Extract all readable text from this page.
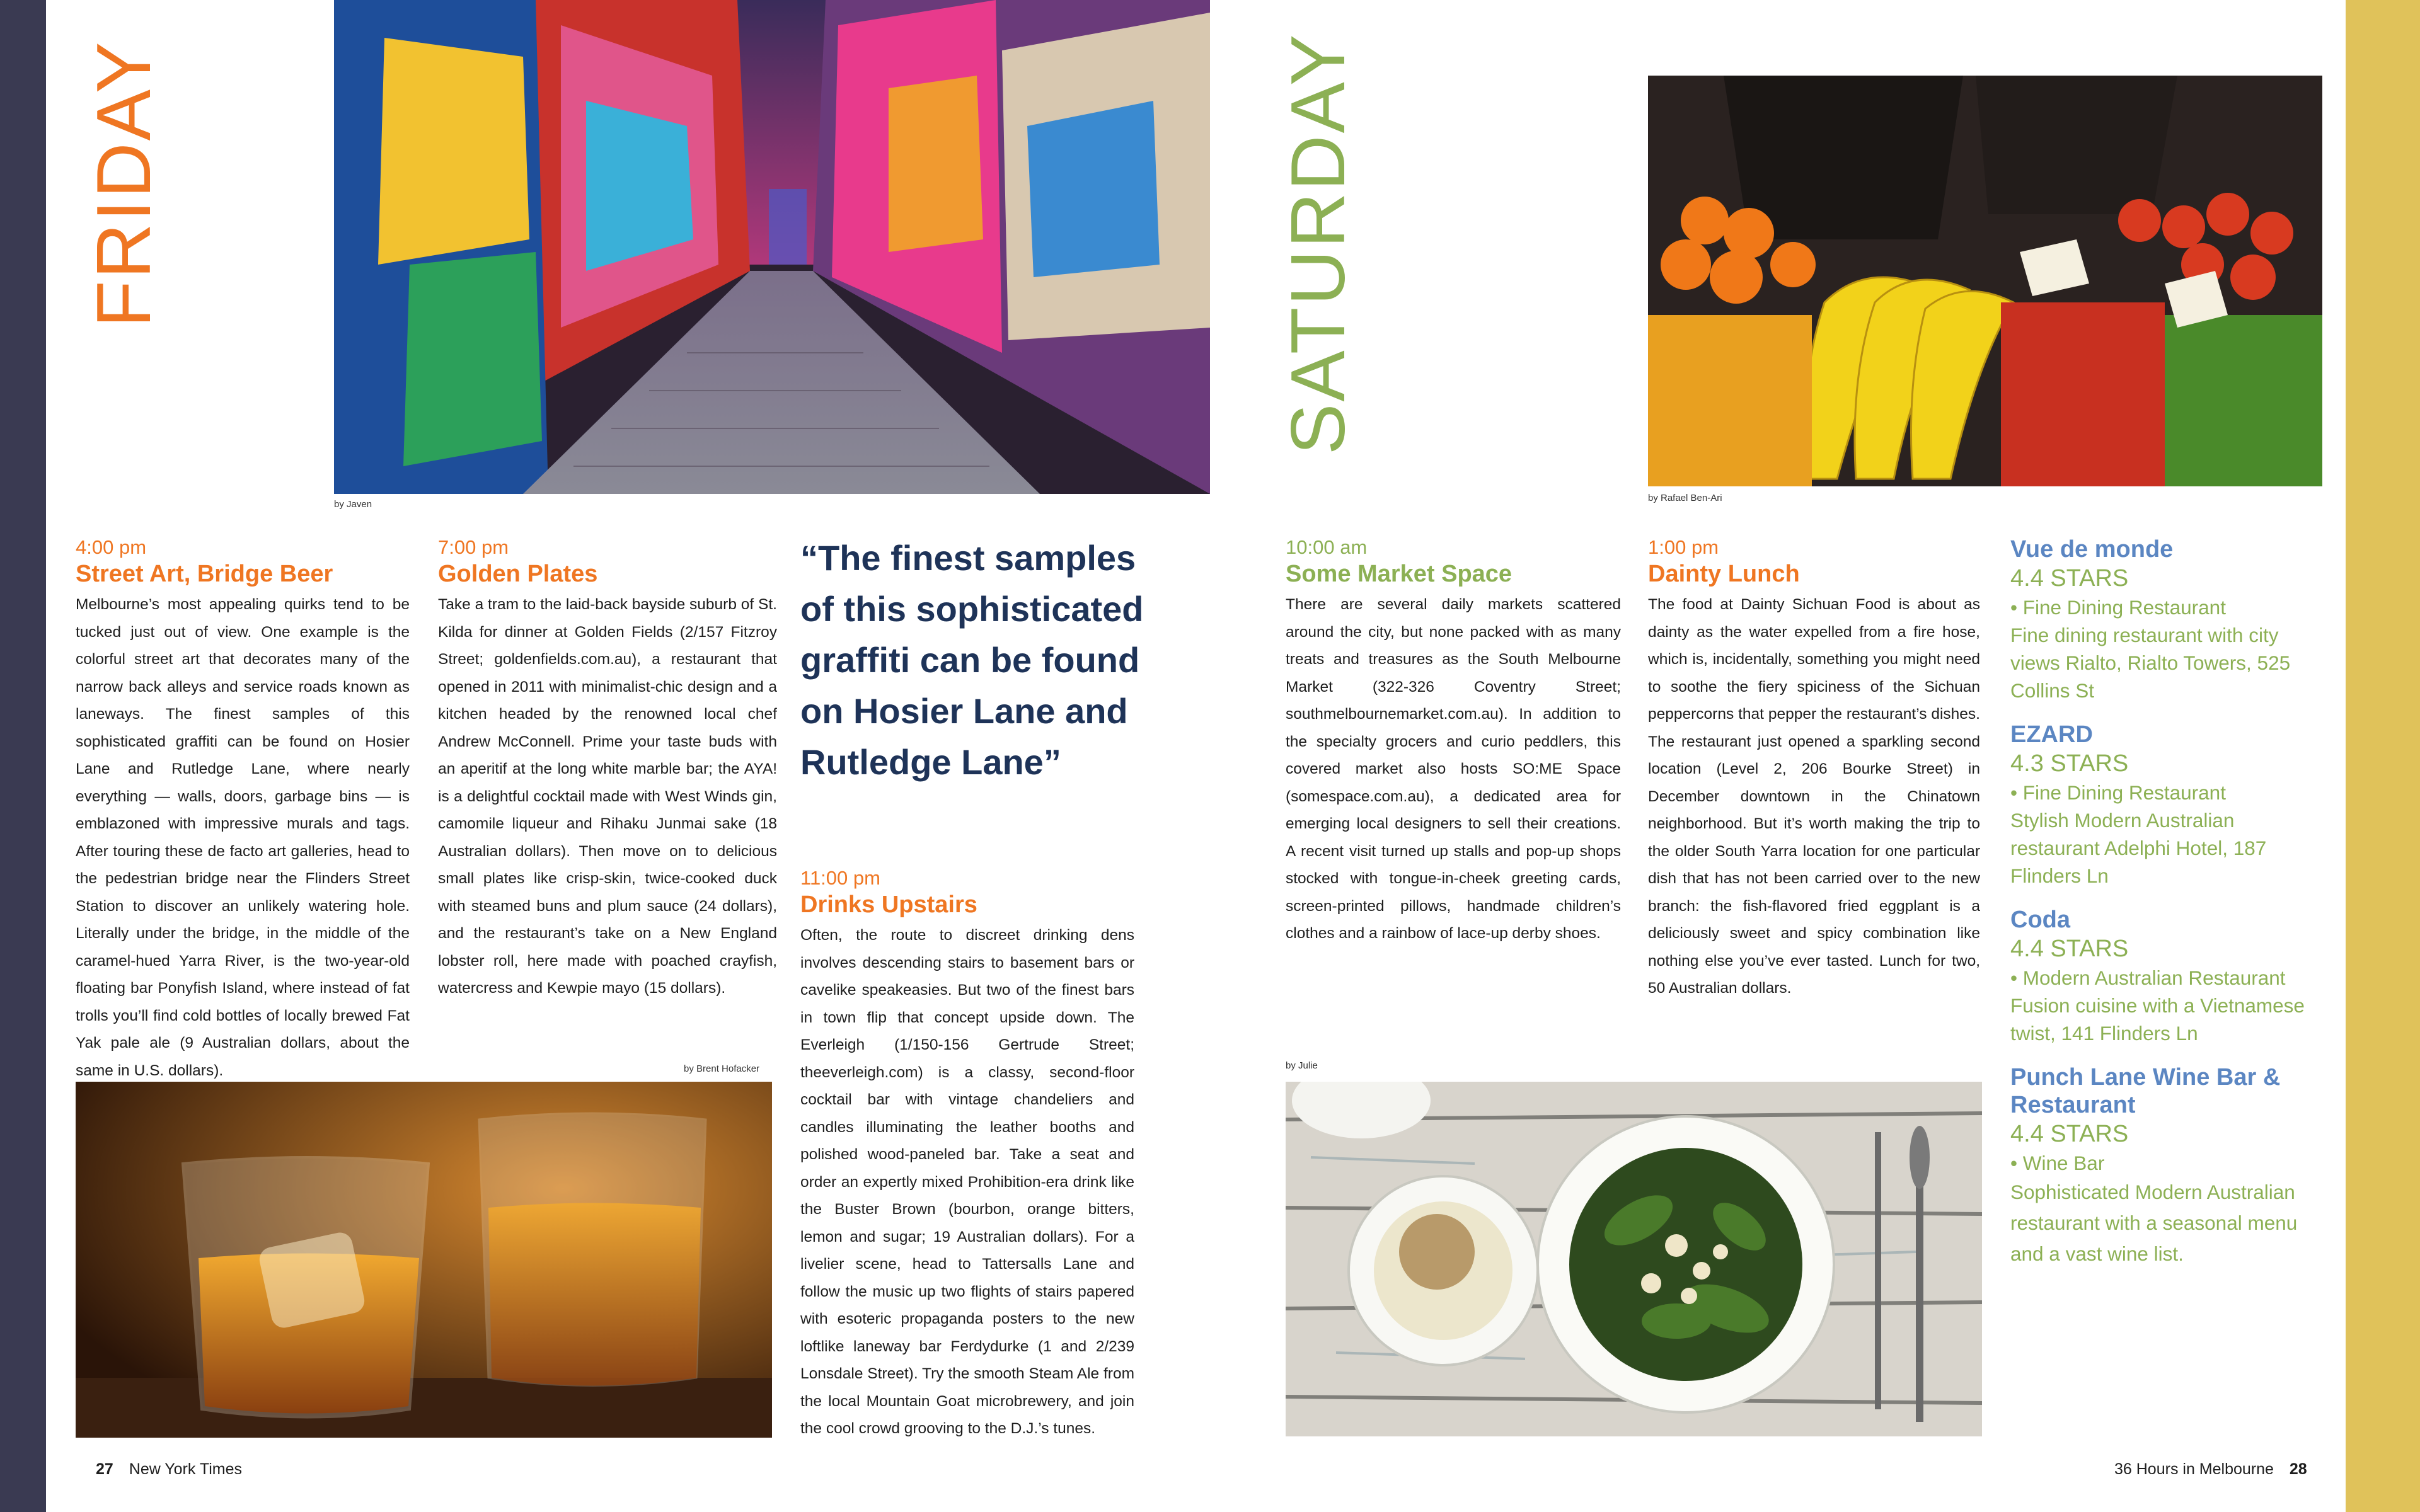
FRIDAY
by Javen
4:00 pm
Street Art, Bridge Beer
Melbourne’s most appealing quirks tend to be tucked just out of view. One example is the colorful street art that decorates many of the narrow back alleys and service roads known as laneways. The finest samples of this sophisticated graffiti can be found on Hosier Lane and Rutledge Lane, where nearly everything — walls, doors, garbage bins — is emblazoned with impressive murals and tags. After touring these de facto art galleries, head to the pedestrian bridge near the Flinders Street Station to discover an unlikely watering hole. Literally under the bridge, in the middle of the caramel-hued Yarra River, is the two-year-old floating bar Ponyfish Island, where instead of fat trolls you’ll find cold bottles of locally brewed Fat Yak pale ale (9 Australian dollars, about the same in U.S. dollars).
7:00 pm
Golden Plates
Take a tram to the laid-back bayside suburb of St. Kilda for dinner at Golden Fields (2/157 Fitzroy Street; goldenfields.com.au), a restaurant that opened in 2011 with minimalist-chic design and a kitchen headed by the renowned local chef Andrew McConnell. Prime your taste buds with an aperitif at the long white marble bar; the AYA! is a delightful cocktail made with West Winds gin, camomile liqueur and Rihaku Junmai sake (18 Australian dollars). Then move on to delicious small plates like crisp-skin, twice-cooked duck with steamed buns and plum sauce (24 dollars), and the restaurant’s take on a New England lobster roll, here made with poached crayfish, watercress and Kewpie mayo (15 dollars).
“The finest samples of this sophisticated graffiti can be found on Hosier Lane and Rutledge Lane”
11:00 pm
Drinks Upstairs
Often, the route to discreet drinking dens involves descending stairs to basement bars or cavelike speakeasies. But two of the finest bars in town flip that concept upside down. The Everleigh (1/150-156 Gertrude Street; theeverleigh.com) is a classy, second-floor cocktail bar with vintage chandeliers and candles illuminating the leather booths and polished wood-paneled bar. Take a seat and order an expertly mixed Prohibition-era drink like the Buster Brown (bourbon, orange bitters, lemon and sugar; 19 Australian dollars). For a livelier scene, head to Tattersalls Lane and follow the music up two flights of stairs papered with esoteric propaganda posters to the new loftlike laneway bar Ferdydurke (1 and 2/239 Lonsdale Street). Try the smooth Steam Ale from the local Mountain Goat microbrewery, and join the cool crowd grooving to the D.J.’s tunes.
by Brent Hofacker
27 New York Times
SATURDAY
by Rafael Ben-Ari
10:00 am
Some Market Space
There are several daily markets scattered around the city, but none packed with as many treats and treasures as the South Melbourne Market (322-326 Coventry Street; southmelbournemarket.com.au). In addition to the specialty grocers and curio peddlers, this covered market also hosts SO:ME Space (somespace.com.au), a dedicated area for emerging local designers to sell their creations. A recent visit turned up stalls and pop-up shops stocked with tongue-in-cheek greeting cards, screen-printed pillows, handmade children’s clothes and a rainbow of lace-up derby shoes.
1:00 pm
Dainty Lunch
The food at Dainty Sichuan Food is about as dainty as the water expelled from a fire hose, which is, incidentally, something you might need to soothe the fiery spiciness of the Sichuan peppercorns that pepper the restaurant’s dishes. The restaurant just opened a sparkling second location (Level 2, 206 Bourke Street) in December downtown in the Chinatown neighborhood. But it’s worth making the trip to the older South Yarra location for one particular dish that has not been carried over to the new branch: the fish-flavored fried eggplant is a deliciously sweet and spicy combination like nothing else you’ve ever tasted. Lunch for two, 50 Australian dollars.
Vue de monde
4.4 STARS
• Fine Dining Restaurant
Fine dining restaurant with city views Rialto, Rialto Towers, 525 Collins St
EZARD
4.3 STARS
• Fine Dining Restaurant
Stylish Modern Australian restaurant Adelphi Hotel, 187 Flinders Ln
Coda
4.4 STARS
• Modern Australian Restaurant Fusion cuisine with a Vietnamese twist, 141 Flinders Ln
Punch Lane Wine Bar & Restaurant
4.4 STARS
• Wine Bar
Sophisticated Modern Australian restaurant with a seasonal menu and a vast wine list.
by Julie
36 Hours in Melbourne 28
